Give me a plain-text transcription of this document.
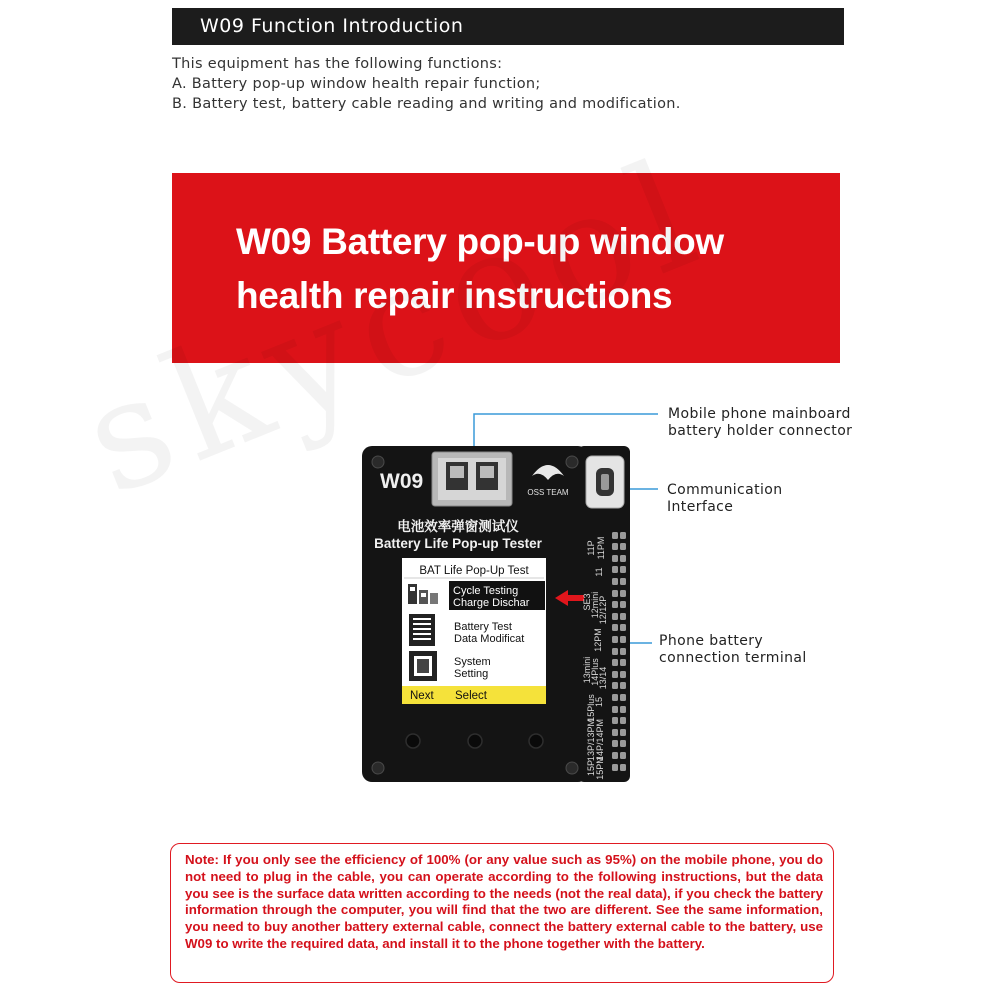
W09 Function Introduction
This equipment has the following functions:
A. Battery pop-up window health repair function;
B. Battery test, battery cable reading and writing and modification.
W09 Battery pop-up window
health repair instructions
W09	OSS TEAM
电池效率弹窗测试仪
Battery Life Pop-up Tester
BAT Life Pop-Up Test
Cycle Testing
Charge Dischar
Battery Test
Data Modificat
System
Setting
Next Select
11P 11PM
11
SE3
12mini
12/12P
12PM
13mini
14Plus
13/14
15
15Plus
13P/13PM 14P/14PM
15P 15PM
Mobile phone mainboard
battery holder connector
Communication
Interface
Phone battery
connection terminal
Note: If you only see the efficiency of 100% (or any value such as 95%) on the mobile phone, you do not need to plug in the cable, you can operate according to the following instructions, but the data you see is the surface data written according to the needs (not the real data), if you check the battery information through the computer, you will find that the two are different. See the same information, you need to buy another battery external cable, connect the battery external cable to the battery, use W09 to write the required data, and install it to the phone together with the battery.
